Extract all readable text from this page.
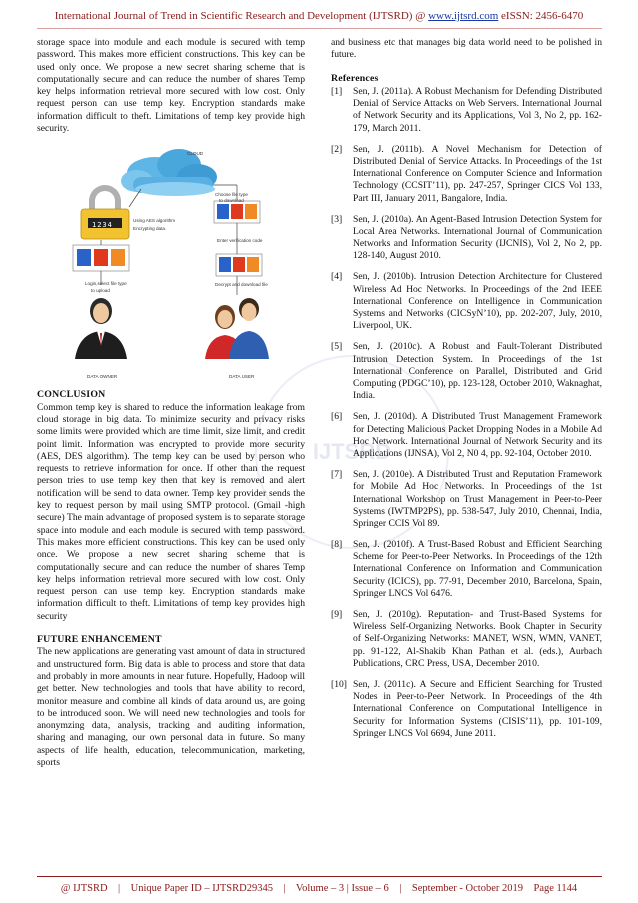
International Journal of Trend in Scientific Research and Development (IJTSRD) @ www.ijtsrd.com eISSN: 2456-6470
IJTSRD

storage space into module and each module is secured with temp password. This makes more efficient constructions. This key can be used only once. We propose a new secret sharing scheme that is computationally secure and can reduce the number of shares Temp key helps information retrieval more secured with low cost. Only request person can use temp key. Encryption standards make information difficult to theft. Limitations of temp key provide high security.

CLOUD
Choose file type
to download
Using AES algorithm
Encrypting data.
1234
Enter verification code
Login,select file type
to upload
Decrypt and download file
DATA OWNER	DATA USER
CONCLUSION

Common temp key is shared to reduce the information leakage from cloud storage in big data. To minimize security and privacy risks some limits were provided which are time limit, size limit, and credit point limit. Information was encrypted to provide more security (AES, DES algorithm). The temp key can be used by person who requests to retrieve information for once. If other than the request person tries to use temp key then that key is removed and alert notification will be send to data owner. Temp key provider sends the key to request person by mail using SMTP protocol. (Gmail -high secure) The main advantage of proposed system is to separate storage space into module and each module is secured with temp password. This makes more efficient constructions. This key can be used only once. We propose a new secret sharing scheme that is computationally secure and can reduce the number of shares Temp key helps information retrieval more secured with low cost. Only request person can use temp key. Encryption standards make information difficult to theft. Limitations of temp key provides high security

FUTURE ENHANCEMENT

The new applications are generating vast amount of data in structured and unstructured form. Big data is able to process and store that data and probably in more amounts in near future. Hopefully, Hadoop will get better. New technologies and tools that have ability to record, monitor measure and combine all kinds of data around us, are going to be introduced soon. We will need new technologies and tools for anonymzing data, analysis, tracking and auditing information, sharing and managing, our own personal data in future. So many aspects of life health, education, telecommunication, marketing, sports

and business etc that manages big data world need to be polished in future.

References
[1]	Sen, J. (2011a). A Robust Mechanism for Defending Distributed Denial of Service Attacks on Web Servers. International Journal of Network Security and its Applications, Vol 3, No 2, pp. 162-179, March 2011.
[2]	Sen, J. (2011b). A Novel Mechanism for Detection of Distributed Denial of Service Attacks. In Proceedings of the 1st International Conference on Computer Science and Information Technology (CCSIT’11), pp. 247-257, Springer CICS Vol 133, Part III, January 2011, Bangalore, India.
[3]	Sen, J. (2010a). An Agent-Based Intrusion Detection System for Local Area Networks. International Journal of Communication Networks and Information Security (IJCNIS), Vol 2, No 2, pp. 128-140, August 2010.
[4]	Sen, J. (2010b). Intrusion Detection Architecture for Clustered Wireless Ad Hoc Networks. In Proceedings of the 2nd IEEE International Conference on Intelligence in Communication Systems and Networks (CICSyN’10), pp. 202-207, July, 2010, Liverpool, UK.
[5]	Sen, J. (2010c). A Robust and Fault-Tolerant Distributed Intrusion Detection System. In Proceedings of the 1st International Conference on Parallel, Distributed and Grid Computing (PDGC’10), pp. 123-128, October 2010, Waknaghat, India.
[6]	Sen, J. (2010d). A Distributed Trust Management Framework for Detecting Malicious Packet Dropping Nodes in a Mobile Ad Hoc Network. International Journal of Network Security and its Applications (IJNSA), Vol 2, N0 4, pp. 92-104, October 2010.
[7]	Sen, J. (2010e). A Distributed Trust and Reputation Framework for Mobile Ad Hoc Networks. In Proceedings of the 1st International Workshop on Trust Management in Peer-to-Peer Systems (IWTMP2PS), pp. 538-547, July 2010, Chennai, India, Springer CCIS Vol 89.
[8]	Sen, J. (2010f). A Trust-Based Robust and Efficient Searching Scheme for Peer-to-Peer Networks. In Proceedings of the 12th International Conference on Information and Communication Security (ICICS), pp. 77-91, December 2010, Barcelona, Spain, Springer LNCS Vol 6476.
[9]	Sen, J. (2010g). Reputation- and Trust-Based Systems for Wireless Self-Organizing Networks. Book Chapter in Security of Self-Organizing Networks: MANET, WSN, WMN, VANET, pp. 91-122, Al-Shakib Khan Pathan et al. (eds.), Aurbach Publications, CRC Press, USA, December 2010.
[10] Sen, J. (2011c). A Secure and Efficient Searching for Trusted Nodes in Peer-to-Peer Network. In Proceedings of the 4th International Conference on Computational Intelligence in Security for Information Systems (CISIS’11), pp. 101-109, Springer LNCS Vol 6694, June 2011.
@ IJTSRD    |    Unique Paper ID – IJTSRD29345    |    Volume – 3 | Issue – 6    |    September - October 2019    Page 1144
